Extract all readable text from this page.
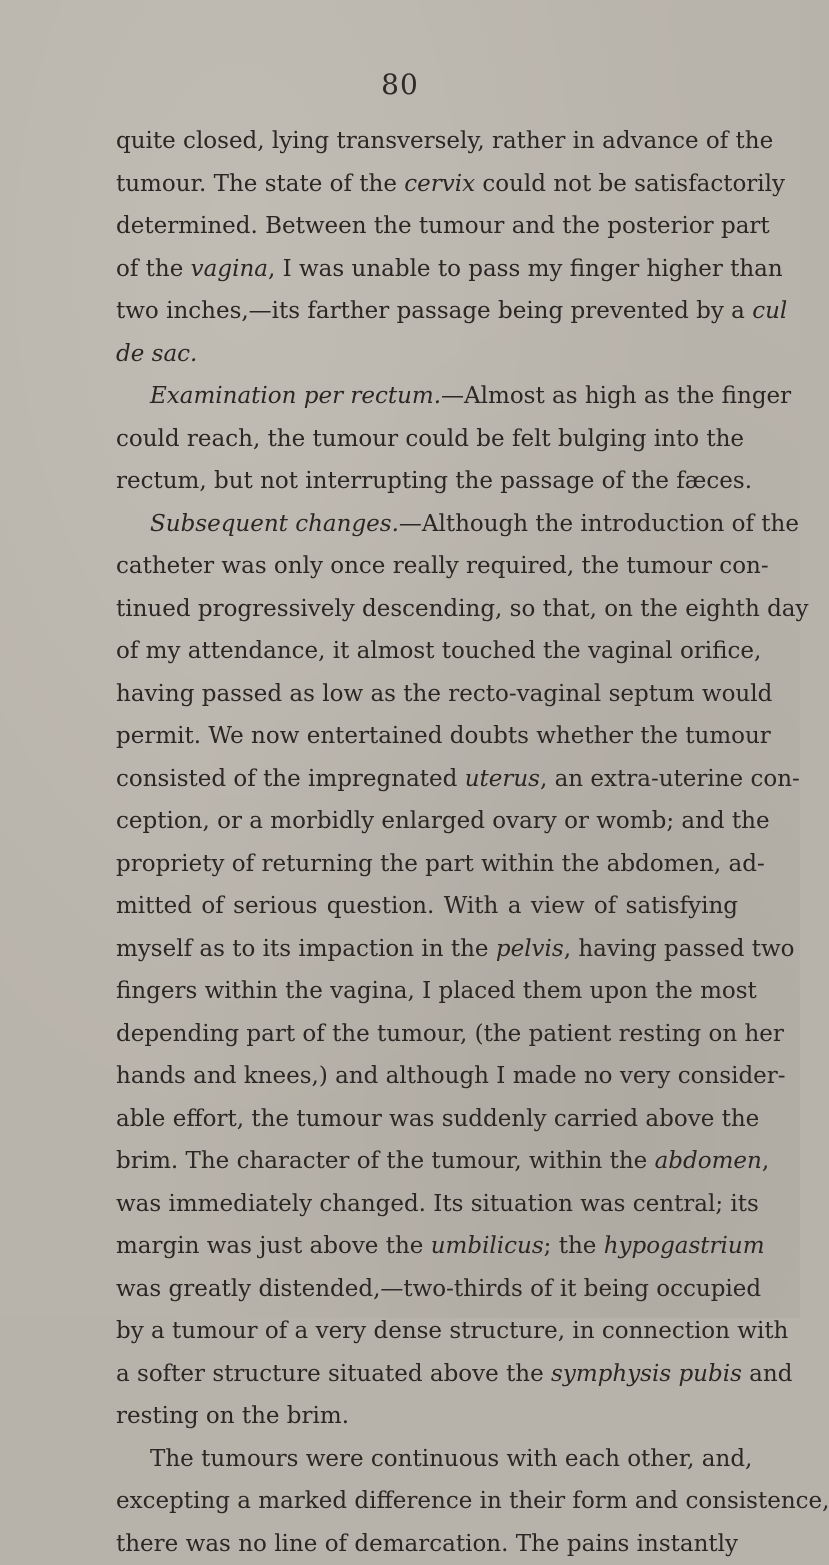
80
quite closed, lying transversely, rather in advance of the
tumour. The state of the cervix could not be satisfactorily
determined. Between the tumour and the posterior part
of the vagina, I was unable to pass my finger higher than
two inches,—its farther passage being prevented by a cul
de sac.
Examination per rectum.—Almost as high as the finger
could reach, the tumour could be felt bulging into the
rectum, but not interrupting the passage of the fæces.
Subsequent changes.—Although the introduction of the
catheter was only once really required, the tumour con-
tinued progressively descending, so that, on the eighth day
of my attendance, it almost touched the vaginal orifice,
having passed as low as the recto-vaginal septum would
permit. We now entertained doubts whether the tumour
consisted of the impregnated uterus, an extra-uterine con-
ception, or a morbidly enlarged ovary or womb; and the
propriety of returning the part within the abdomen, ad-
mitted of serious question. With a view of satisfying
myself as to its impaction in the pelvis, having passed two
fingers within the vagina, I placed them upon the most
depending part of the tumour, (the patient resting on her
hands and knees,) and although I made no very consider-
able effort, the tumour was suddenly carried above the
brim. The character of the tumour, within the abdomen,
was immediately changed. Its situation was central; its
margin was just above the umbilicus; the hypogastrium
was greatly distended,—two-thirds of it being occupied
by a tumour of a very dense structure, in connection with
a softer structure situated above the symphysis pubis and
resting on the brim.
The tumours were continuous with each other, and,
excepting a marked difference in their form and consistence,
there was no line of demarcation. The pains instantly
